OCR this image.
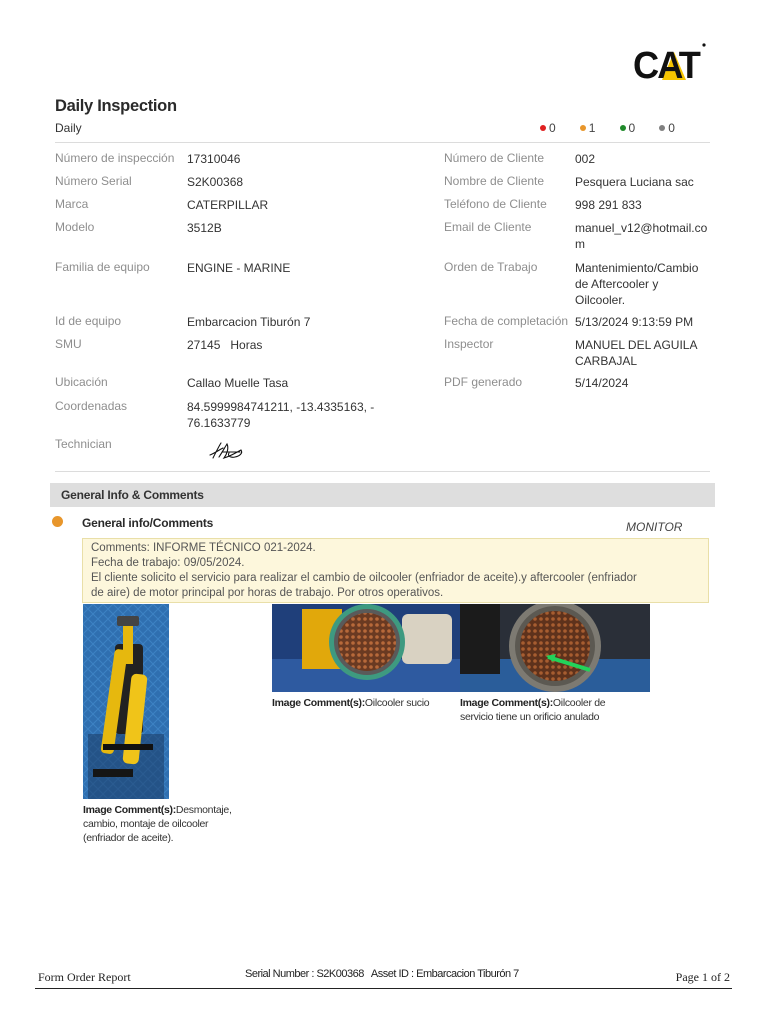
CAT
Daily Inspection
Daily	0	1	0	0
Número de inspección 17310046
Número Serial	S2K00368
Marca	CATERPILLAR
Modelo	3512B
Familia de equipo	ENGINE - MARINE
Id de equipo	Embarcacion Tiburón 7
SMU	27145   Horas
Ubicación	Callao Muelle Tasa
Coordenadas	84.5999984741211, -13.4335163, -
76.1633779
Technician
Número de Cliente	002
Nombre de Cliente	Pesquera Luciana sac
Teléfono de Cliente 998 291 833
Email de Cliente	manuel_v12@hotmail.co
m
Orden de Trabajo	Mantenimiento/Cambio
de Aftercooler y
Oilcooler.
Fecha de completación 5/13/2024 9:13:59 PM
Inspector	MANUEL DEL AGUILA
CARBAJAL
PDF generado	5/14/2024
General Info & Comments
General info/Comments	MONITOR
Comments: INFORME TÉCNICO 021-2024.
Fecha de trabajo: 09/05/2024.
El cliente solicito el servicio para realizar el cambio de oilcooler (enfriador de aceite).y aftercooler (enfriador
de aire) de motor principal por horas de trabajo. Por otros operativos.
Image Comment(s):Desmontaje,
cambio, montaje de oilcooler
(enfriador de aceite).
Image Comment(s):Oilcooler sucio	Image Comment(s):Oilcooler de
servicio tiene un orificio anulado
Form Order Report	Serial Number : S2K00368   Asset ID : Embarcacion Tiburón 7	Page 1 of 2
